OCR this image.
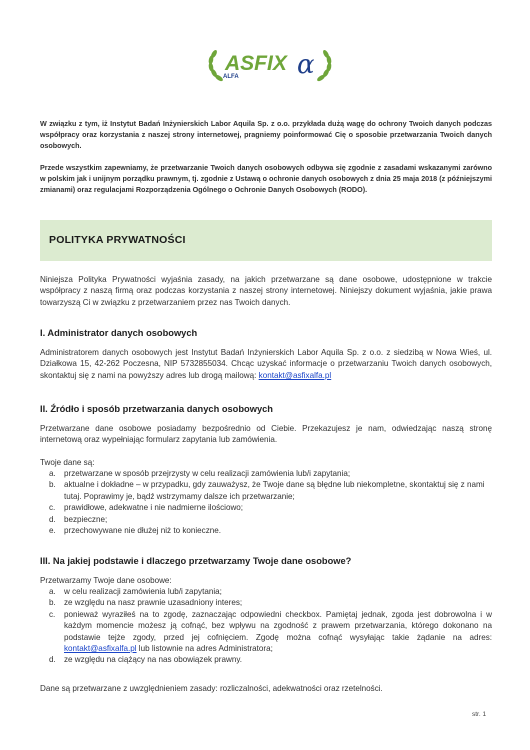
ASFIX
ALFA α

W związku z tym, iż Instytut Badań Inżynierskich Labor Aquila Sp. z o.o. przykłada dużą wagę do ochrony Twoich danych podczas współpracy oraz korzystania z naszej strony internetowej, pragniemy poinformować Cię o sposobie przetwarzania Twoich danych osobowych.

Przede wszystkim zapewniamy, że przetwarzanie Twoich danych osobowych odbywa się zgodnie z zasadami wskazanymi zarówno w polskim jak i unijnym porządku prawnym, tj. zgodnie z Ustawą o ochronie danych osobowych z dnia 25 maja 2018 (z późniejszymi zmianami) oraz regulacjami Rozporządzenia Ogólnego o Ochronie Danych Osobowych (RODO).

POLITYKA PRYWATNOŚCI

Niniejsza Polityka Prywatności wyjaśnia zasady, na jakich przetwarzane są dane osobowe, udostępnione w trakcie współpracy z naszą firmą oraz podczas korzystania z naszej strony internetowej. Niniejszy dokument wyjaśnia, jakie prawa towarzyszą Ci w związku z przetwarzaniem przez nas Twoich danych.

I. Administrator danych osobowych

Administratorem danych osobowych jest Instytut Badań Inżynierskich Labor Aquila Sp. z o.o. z siedzibą w Nowa Wieś, ul. Działkowa 15, 42-262 Poczesna, NIP 5732855034. Chcąc uzyskać informacje o przetwarzaniu Twoich danych osobowych, skontaktuj się z nami na powyższy adres lub drogą mailową: kontakt@asfixalfa.pl

II. Źródło i sposób przetwarzania danych osobowych

Przetwarzane dane osobowe posiadamy bezpośrednio od Ciebie. Przekazujesz je nam, odwiedzając naszą stronę internetową oraz wypełniając formularz zapytania lub zamówienia.

Twoje dane są:

a. przetwarzane w sposób przejrzysty w celu realizacji zamówienia lub/i zapytania;
b. aktualne i dokładne – w przypadku, gdy zauważysz, że Twoje dane są błędne lub niekompletne, skontaktuj się z nami tutaj. Poprawimy je, bądź wstrzymamy dalsze ich przetwarzanie;
c. prawidłowe, adekwatne i nie nadmierne ilościowo;
d. bezpieczne;
e. przechowywane nie dłużej niż to konieczne.
III. Na jakiej podstawie i dlaczego przetwarzamy Twoje dane osobowe?

Przetwarzamy Twoje dane osobowe:

a. w celu realizacji zamówienia lub/i zapytania;
b. ze względu na nasz prawnie uzasadniony interes;
c. ponieważ wyraziłeś na to zgodę, zaznaczając odpowiedni checkbox. Pamiętaj jednak, zgoda jest dobrowolna i w każdym momencie możesz ją cofnąć, bez wpływu na zgodność z prawem przetwarzania, którego dokonano na podstawie tejże zgody, przed jej cofnięciem. Zgodę można cofnąć wysyłając takie żądanie na adres: kontakt@asfixalfa.pl lub listownie na adres Administratora;
d. ze względu na ciążący na nas obowiązek prawny.

Dane są przetwarzane z uwzględnieniem zasady: rozliczalności, adekwatności oraz rzetelności.

str. 1
